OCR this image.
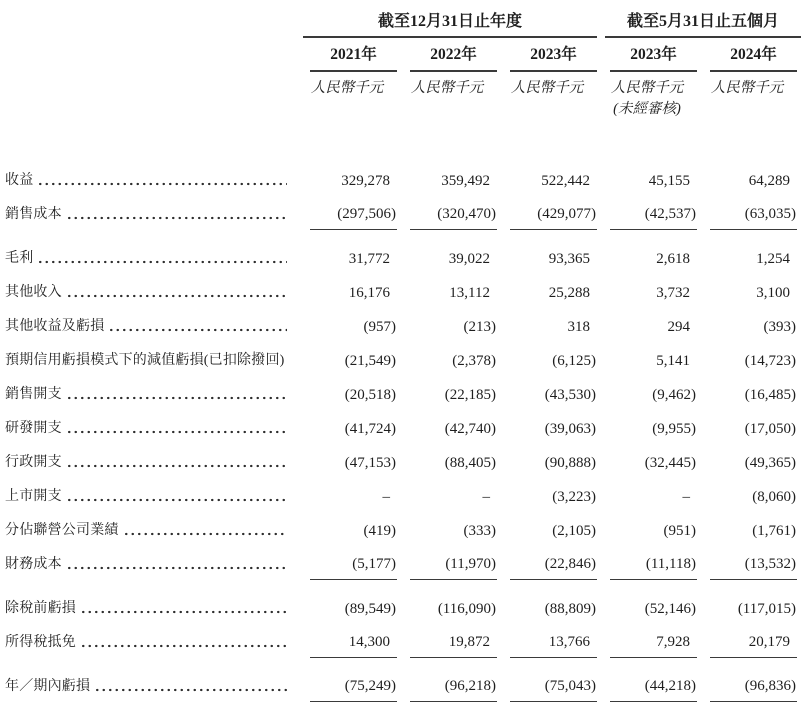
截至12月31日止年度	截至5月31日止五個月
2021年	2022年	2023年	2023年	2024年
人民幣千元	人民幣千元	人民幣千元	人民幣千元	人民幣千元
(未經審核)
收益	329,278	359,492	522,442	45,155	64,289
銷售成本	(297,506)	(320,470)	(429,077)	(42,537)	(63,035)
毛利	31,772	39,022	93,365	2,618	1,254
其他收入	16,176	13,112	25,288	3,732	3,100
其他收益及虧損	(957)	(213)	318	294	(393)
預期信用虧損模式下的減值虧損(已扣除撥回)	(21,549)	(2,378)	(6,125)	5,141	(14,723)
銷售開支	(20,518)	(22,185)	(43,530)	(9,462)	(16,485)
研發開支	(41,724)	(42,740)	(39,063)	(9,955)	(17,050)
行政開支	(47,153)	(88,405)	(90,888)	(32,445)	(49,365)
上市開支	–	–	(3,223)	–	(8,060)
分佔聯營公司業績	(419)	(333)	(2,105)	(951)	(1,761)
財務成本	(5,177)	(11,970)	(22,846)	(11,118)	(13,532)
除稅前虧損	(89,549)	(116,090)	(88,809)	(52,146)	(117,015)
所得稅抵免	14,300	19,872	13,766	7,928	20,179
年／期內虧損	(75,249)	(96,218)	(75,043)	(44,218)	(96,836)
